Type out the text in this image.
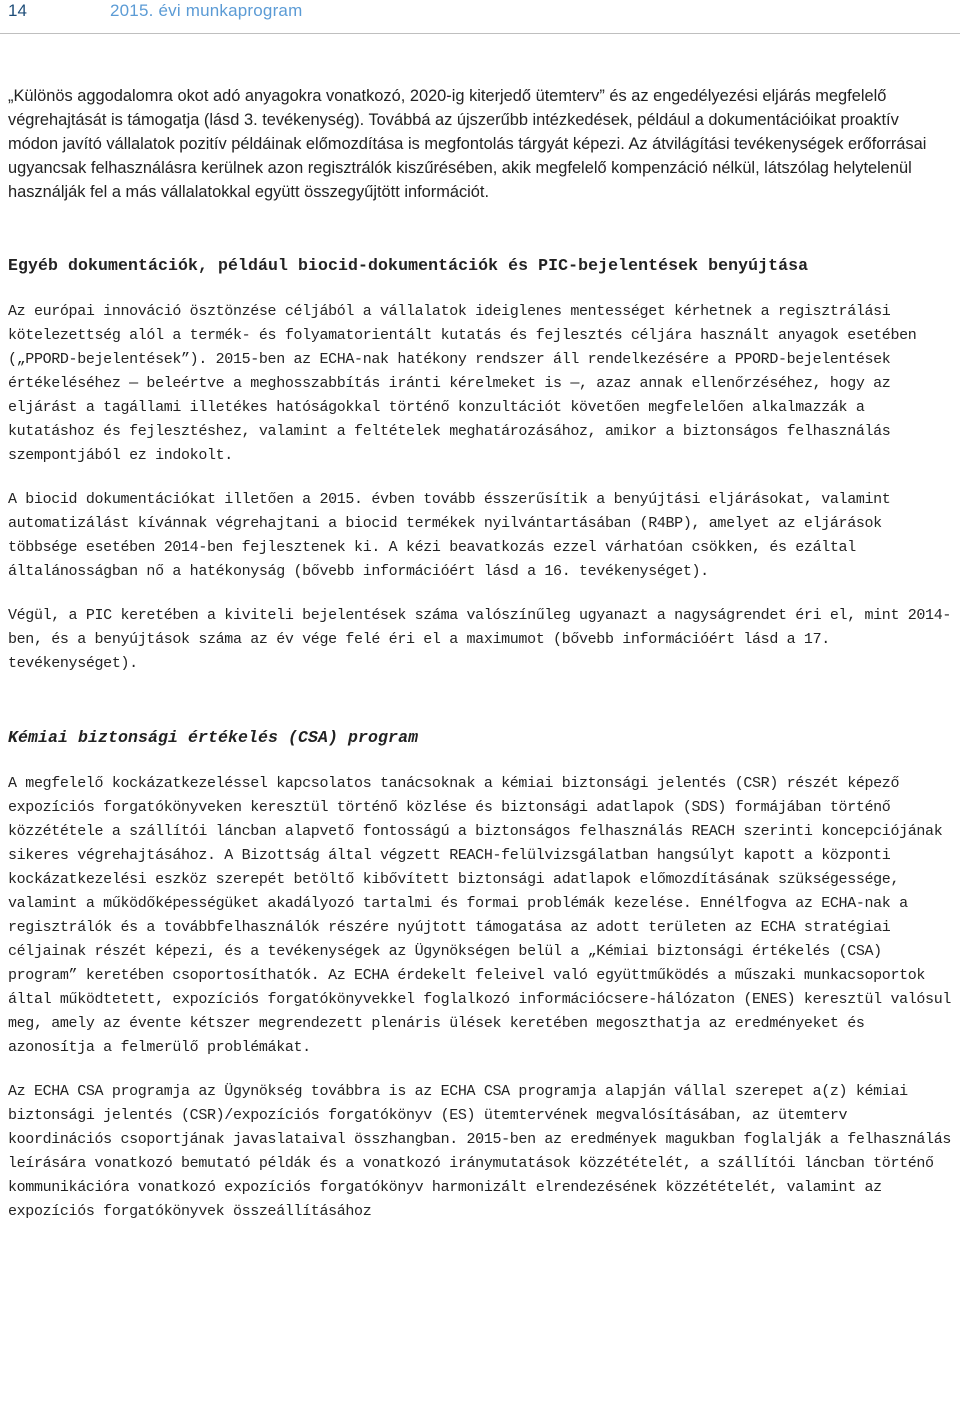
14	2015. évi munkaprogram

„Különös aggodalomra okot adó anyagokra vonatkozó, 2020-ig kiterjedő ütemterv” és az engedélyezési eljárás megfelelő végrehajtását is támogatja (lásd 3. tevékenység). Továbbá az újszerűbb intézkedések, például a dokumentációikat proaktív módon javító vállalatok pozitív példáinak előmozdítása is megfontolás tárgyát képezi. Az átvilágítási tevékenységek erőforrásai ugyancsak felhasználásra kerülnek azon regisztrálók kiszűrésében, akik megfelelő kompenzáció nélkül, látszólag helytelenül használják fel a más vállalatokkal együtt összegyűjtött információt.

Egyéb dokumentációk, például biocid-dokumentációk és PIC-bejelentések benyújtása

Az európai innováció ösztönzése céljából a vállalatok ideiglenes mentességet kérhetnek a regisztrálási kötelezettség alól a termék- és folyamatorientált kutatás és fejlesztés céljára használt anyagok esetében („PPORD-bejelentések”). 2015-ben az ECHA-nak hatékony rendszer áll rendelkezésére a PPORD-bejelentések értékeléséhez — beleértve a meghosszabbítás iránti kérelmeket is —, azaz annak ellenőrzéséhez, hogy az eljárást a tagállami illetékes hatóságokkal történő konzultációt követően megfelelően alkalmazzák a kutatáshoz és fejlesztéshez, valamint a feltételek meghatározásához, amikor a biztonságos felhasználás szempontjából ez indokolt.

A biocid dokumentációkat illetően a 2015. évben tovább ésszerűsítik a benyújtási eljárásokat, valamint automatizálást kívánnak végrehajtani a biocid termékek nyilvántartásában (R4BP), amelyet az eljárások többsége esetében 2014-ben fejlesztenek ki. A kézi beavatkozás ezzel várhatóan csökken, és ezáltal általánosságban nő a hatékonyság (bővebb információért lásd a 16. tevékenységet).

Végül, a PIC keretében a kiviteli bejelentések száma valószínűleg ugyanazt a nagyságrendet éri el, mint 2014-ben, és a benyújtások száma az év vége felé éri el a maximumot (bővebb információért lásd a 17. tevékenységet).

Kémiai biztonsági értékelés (CSA) program

A megfelelő kockázatkezeléssel kapcsolatos tanácsoknak a kémiai biztonsági jelentés (CSR) részét képező expozíciós forgatókönyveken keresztül történő közlése és biztonsági adatlapok (SDS) formájában történő közzététele a szállítói láncban alapvető fontosságú a biztonságos felhasználás REACH szerinti koncepciójának sikeres végrehajtásához. A Bizottság által végzett REACH-felülvizsgálatban hangsúlyt kapott a központi kockázatkezelési eszköz szerepét betöltő kibővített biztonsági adatlapok előmozdításának szükségessége, valamint a működőképességüket akadályozó tartalmi és formai problémák kezelése. Ennélfogva az ECHA-nak a regisztrálók és a továbbfelhasználók részére nyújtott támogatása az adott területen az ECHA stratégiai céljainak részét képezi, és a tevékenységek az Ügynökségen belül a „Kémiai biztonsági értékelés (CSA) program” keretében csoportosíthatók. Az ECHA érdekelt feleivel való együttműködés a műszaki munkacsoportok által működtetett, expozíciós forgatókönyvekkel foglalkozó információcsere-hálózaton (ENES) keresztül valósul meg, amely az évente kétszer megrendezett plenáris ülések keretében megoszthatja az eredményeket és azonosítja a felmerülő problémákat.

Az ECHA CSA programja az Ügynökség továbbra is az ECHA CSA programja alapján vállal szerepet a(z) kémiai biztonsági jelentés (CSR)/expozíciós forgatókönyv (ES) ütemtervének megvalósításában, az ütemterv koordinációs csoportjának javaslataival összhangban. 2015-ben az eredmények magukban foglalják a felhasználás leírására vonatkozó bemutató példák és a vonatkozó iránymutatások közzétételét, a szállítói láncban történő kommunikációra vonatkozó expozíciós forgatókönyv harmonizált elrendezésének közzétételét, valamint az expozíciós forgatókönyvek összeállításához
